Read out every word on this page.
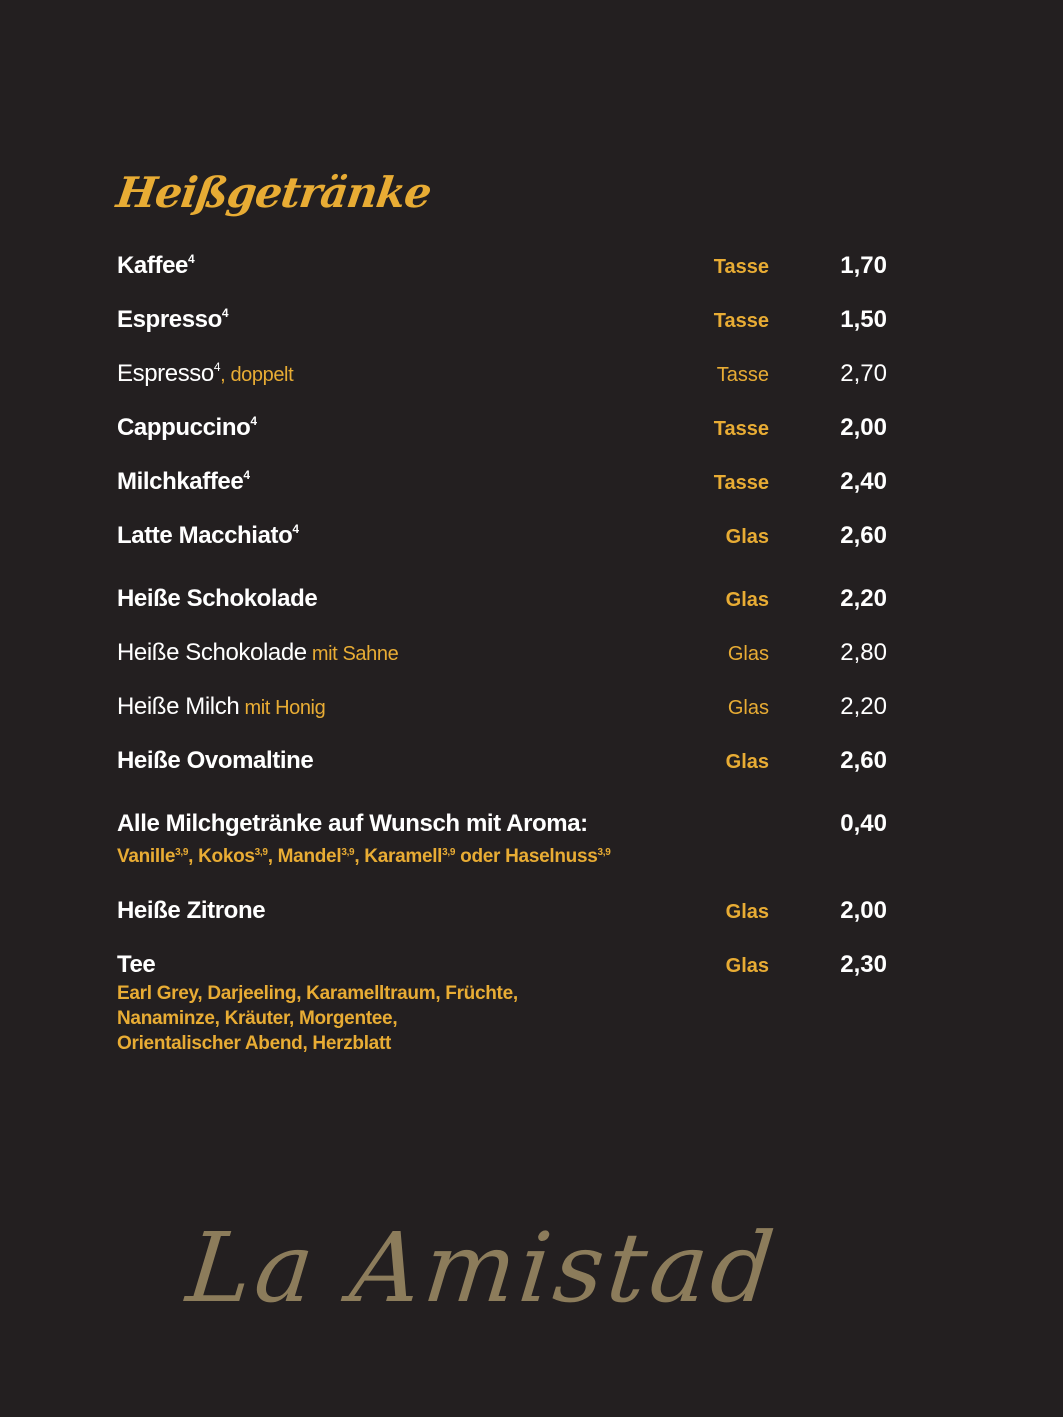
Heißgetränke
Kaffee$^4$	Tasse	1,70
Espresso$^4$	Tasse	1,50
Espresso$^4$, doppelt	Tasse	2,70
Cappuccino$^4$	Tasse	2,00
Milchkaffee$^4$	Tasse	2,40
Latte Macchiato$^4$	Glas	2,60
Heiße Schokolade	Glas	2,20
Heiße Schokolade mit Sahne	Glas	2,80
Heiße Milch mit Honig	Glas	2,20
Heiße Ovomaltine	Glas	2,60
Alle Milchgetränke auf Wunsch mit Aroma:	0,40
Vanille$^{3,9}$, Kokos$^{3,9}$, Mandel$^{3,9}$, Karamell$^{3,9}$ oder Haselnuss$^{3,9}$
Heiße Zitrone	Glas	2,00
Tee	Glas	2,30
Earl Grey, Darjeeling, Karamelltraum, Früchte,
Nanaminze, Kräuter, Morgentee,
Orientalischer Abend, Herzblatt
La Amistad
